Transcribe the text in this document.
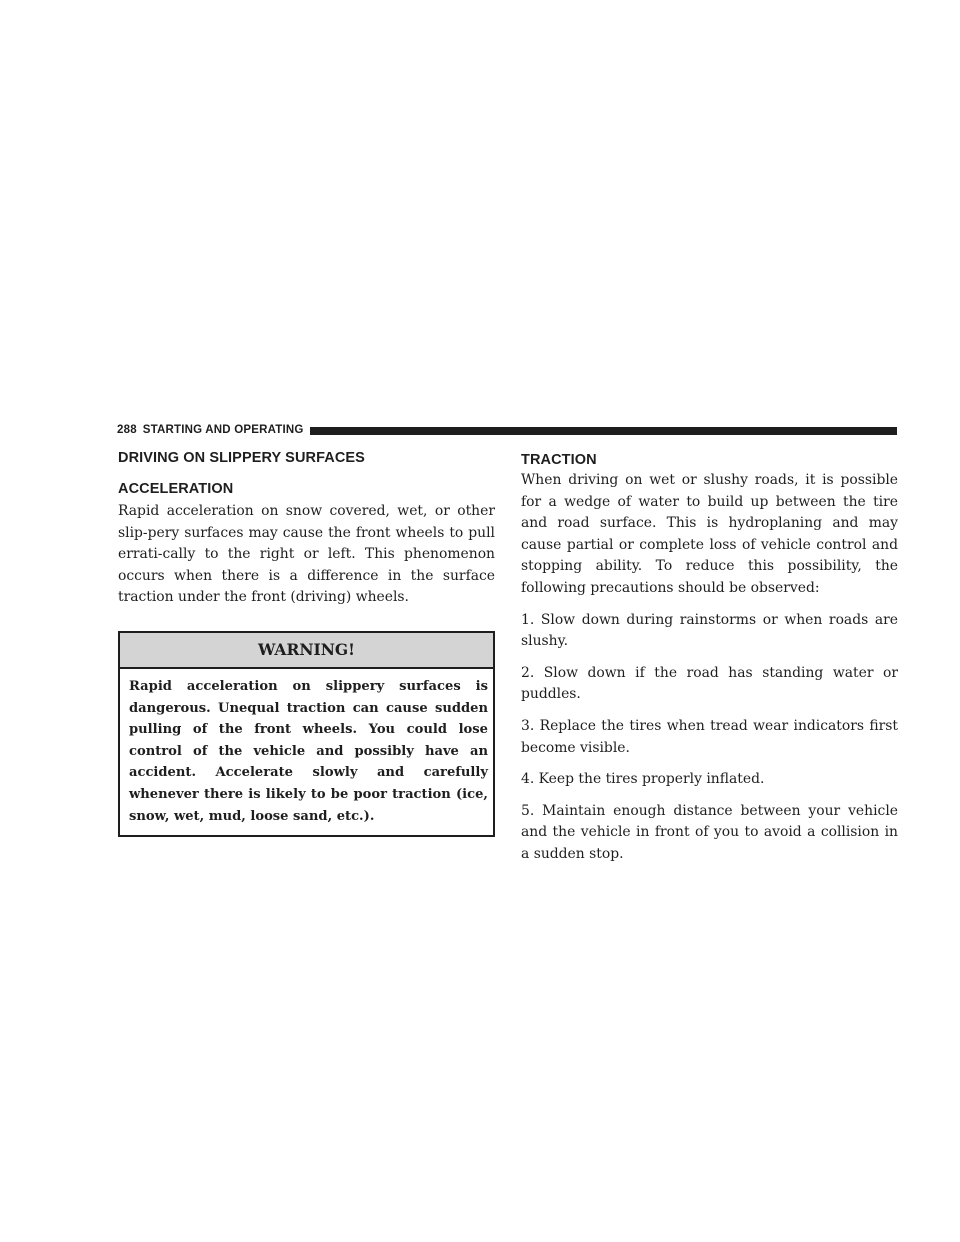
288 STARTING AND OPERATING
DRIVING ON SLIPPERY SURFACES
ACCELERATION

Rapid acceleration on snow covered, wet, or other slip-pery surfaces may cause the front wheels to pull errati-cally to the right or left. This phenomenon occurs when there is a difference in the surface traction under the front (driving) wheels.

WARNING!

Rapid acceleration on slippery surfaces is dangerous. Unequal traction can cause sudden pulling of the front wheels. You could lose control of the vehicle and possibly have an accident. Accelerate slowly and carefully whenever there is likely to be poor traction (ice, snow, wet, mud, loose sand, etc.).

TRACTION

When driving on wet or slushy roads, it is possible for a wedge of water to build up between the tire and road surface. This is hydroplaning and may cause partial or complete loss of vehicle control and stopping ability. To reduce this possibility, the following precautions should be observed:

1. Slow down during rainstorms or when roads are slushy.

2. Slow down if the road has standing water or puddles.

3. Replace the tires when tread wear indicators first become visible.

4. Keep the tires properly inflated.

5. Maintain enough distance between your vehicle and the vehicle in front of you to avoid a collision in a sudden stop.
